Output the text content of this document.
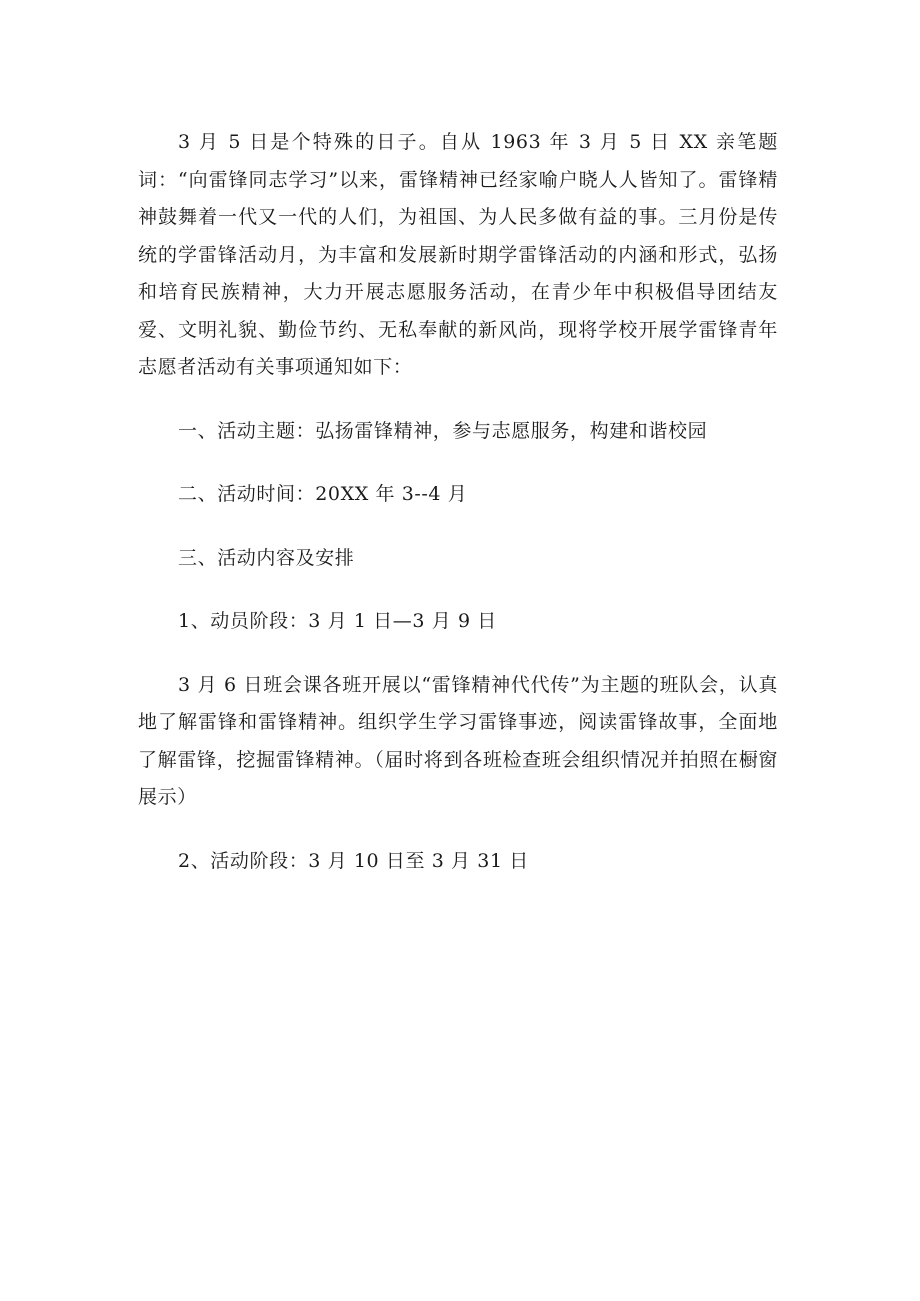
3 月 5 日是个特殊的日子。自从 1963 年 3 月 5 日 XX 亲笔题词：“向雷锋同志学习”以来，雷锋精神已经家喻户晓人人皆知了。雷锋精神鼓舞着一代又一代的人们，为祖国、为人民多做有益的事。三月份是传统的学雷锋活动月，为丰富和发展新时期学雷锋活动的内涵和形式，弘扬和培育民族精神，大力开展志愿服务活动，在青少年中积极倡导团结友爱、文明礼貌、勤俭节约、无私奉献的新风尚，现将学校开展学雷锋青年志愿者活动有关事项通知如下：

一、活动主题：弘扬雷锋精神，参与志愿服务，构建和谐校园

二、活动时间：20XX 年 3--4 月

三、活动内容及安排

1、动员阶段：3 月 1 日—3 月 9 日

3 月 6 日班会课各班开展以“雷锋精神代代传”为主题的班队会，认真地了解雷锋和雷锋精神。组织学生学习雷锋事迹，阅读雷锋故事，全面地了解雷锋，挖掘雷锋精神。（届时将到各班检查班会组织情况并拍照在橱窗展示）

2、活动阶段：3 月 10 日至 3 月 31 日
